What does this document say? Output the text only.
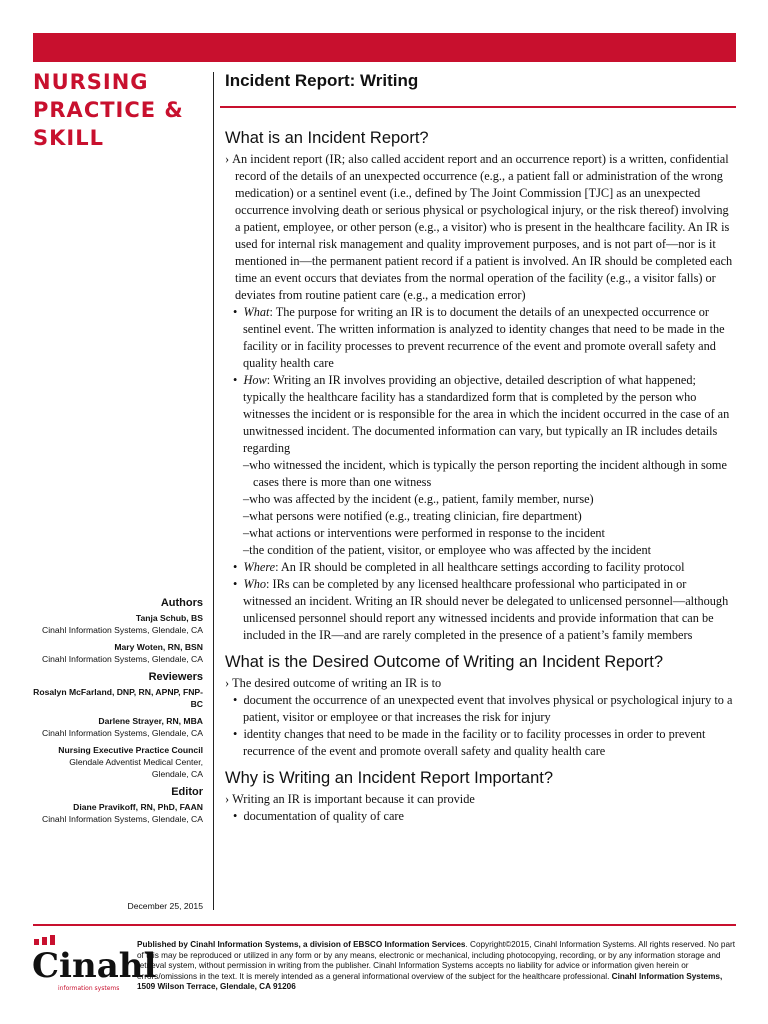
NURSING
PRACTICE &
SKILL
Incident Report: Writing
What is an Incident Report?

› An incident report (IR; also called accident report and an occurrence report) is a written, confidential record of the details of an unexpected occurrence (e.g., a patient fall or administration of the wrong medication) or a sentinel event (i.e., defined by The Joint Commission [TJC] as an unexpected occurrence involving death or serious physical or psychological injury, or the risk thereof) involving a patient, employee, or other person (e.g., a visitor) who is present in the healthcare facility. An IR is used for internal risk management and quality improvement purposes, and is not part of—nor is it mentioned in—the permanent patient record if a patient is involved. An IR should be completed each time an event occurs that deviates from the normal operation of the facility (e.g., a visitor falls) or deviates from routine patient care (e.g., a medication error)

•  What: The purpose for writing an IR is to document the details of an unexpected occurrence or sentinel event. The written information is analyzed to identity changes that need to be made in the facility or in facility processes to prevent recurrence of the event and promote overall safety and quality health care

•  How: Writing an IR involves providing an objective, detailed description of what happened; typically the healthcare facility has a standardized form that is completed by the person who witnesses the incident or is responsible for the area in which the incident occurred in the case of an unwitnessed incident. The documented information can vary, but typically an IR includes details regarding

– who witnessed the incident, which is typically the person reporting the incident although in some cases there is more than one witness

– who was affected by the incident (e.g., patient, family member, nurse)

– what persons were notified (e.g., treating clinician, fire department)

– what actions or interventions were performed in response to the incident

– the condition of the patient, visitor, or employee who was affected by the incident

•  Where: An IR should be completed in all healthcare settings according to facility protocol

•  Who: IRs can be completed by any licensed healthcare professional who participated in or witnessed an incident. Writing an IR should never be delegated to unlicensed personnel—although unlicensed personnel should report any witnessed incidents and provide information that can be included in the IR—and are rarely completed in the presence of a patient’s family members

What is the Desired Outcome of Writing an Incident Report?

› The desired outcome of writing an IR is to

•  document the occurrence of an unexpected event that involves physical or psychological injury to a patient, visitor or employee or that increases the risk for injury

•  identity changes that need to be made in the facility or to facility processes in order to prevent recurrence of the event and promote overall safety and quality health care

Why is Writing an Incident Report Important?

› Writing an IR is important because it can provide

•  documentation of quality of care

Authors
Tanja Schub, BS
Cinahl Information Systems, Glendale, CA
Mary Woten, RN, BSN
Cinahl Information Systems, Glendale, CA
Reviewers
Rosalyn McFarland, DNP, RN, APNP, FNP-BC
Darlene Strayer, RN, MBA
Cinahl Information Systems, Glendale, CA
Nursing Executive Practice Council
Glendale Adventist Medical Center, Glendale, CA
Editor
Diane Pravikoff, RN, PhD, FAAN
Cinahl Information Systems, Glendale, CA
December 25, 2015
Cinahl
information systems
Published by Cinahl Information Systems, a division of EBSCO Information Services. Copyright©2015, Cinahl Information Systems. All rights reserved. No part of this may be reproduced or utilized in any form or by any means, electronic or mechanical, including photocopying, recording, or by any information storage and retrieval system, without permission in writing from the publisher. Cinahl Information Systems accepts no liability for advice or information given herein or errors/omissions in the text. It is merely intended as a general informational overview of the subject for the healthcare professional. Cinahl Information Systems, 1509 Wilson Terrace, Glendale, CA 91206
